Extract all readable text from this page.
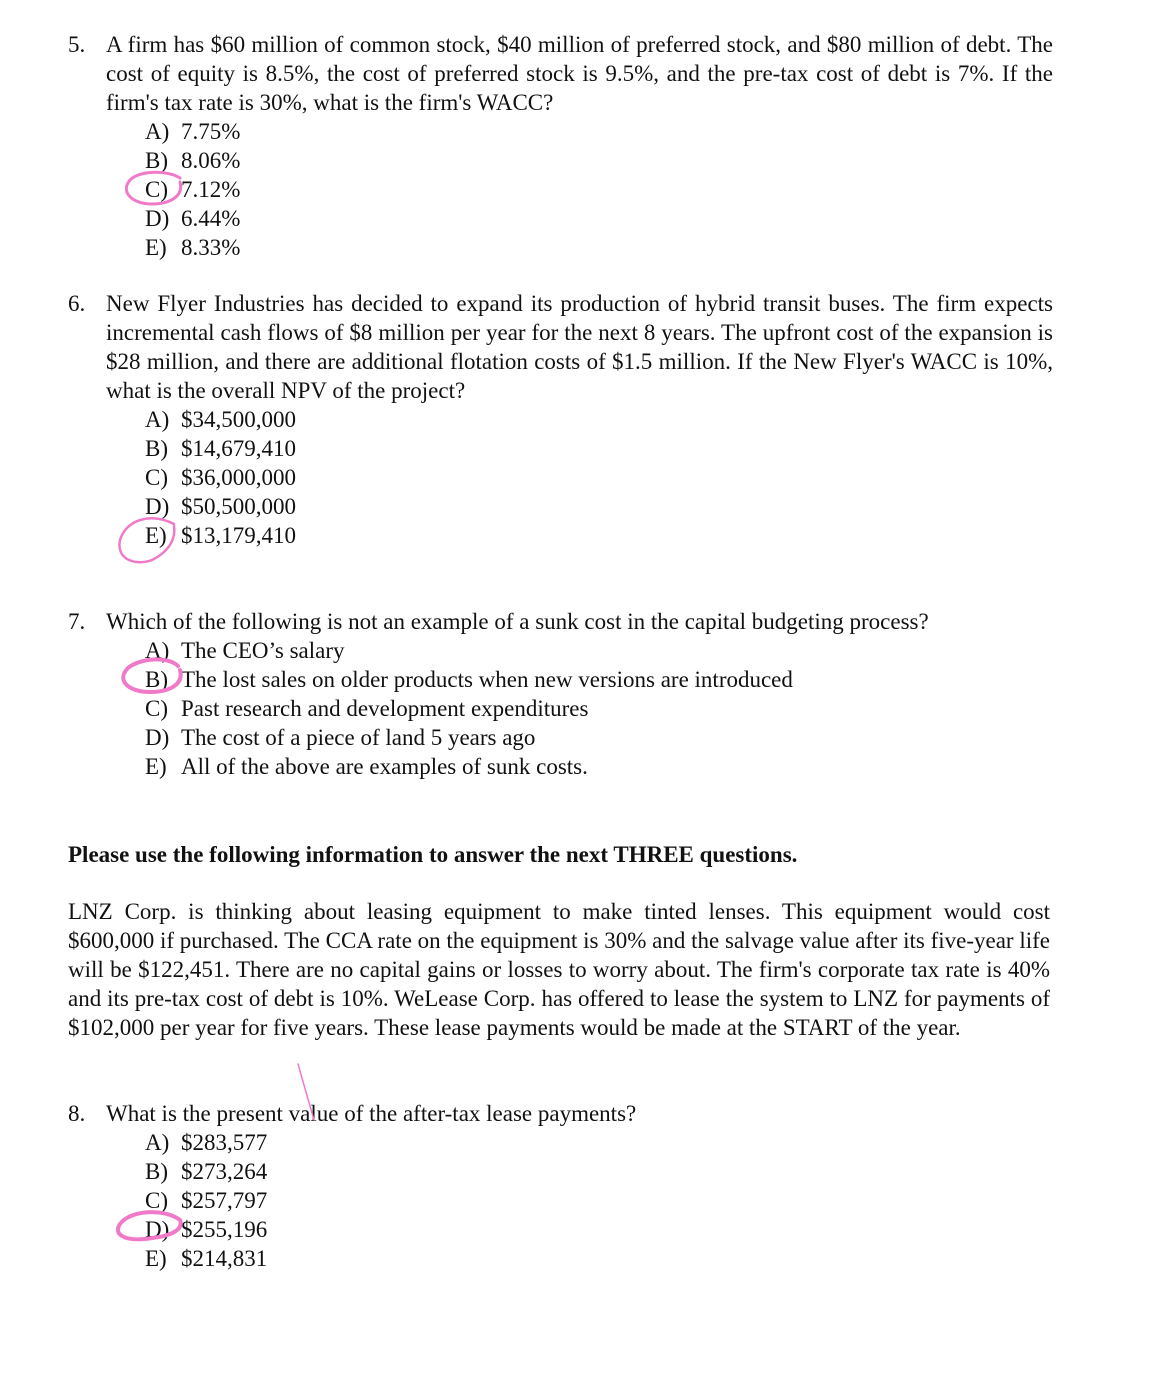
5. A firm has $60 million of common stock, $40 million of preferred stock, and $80 million of debt. The cost of equity is 8.5%, the cost of preferred stock is 9.5%, and the pre-tax cost of debt is 7%. If the firm's tax rate is 30%, what is the firm's WACC?
A) 7.75%
B) 8.06%
C) 7.12%
D) 6.44%
E) 8.33%
6. New Flyer Industries has decided to expand its production of hybrid transit buses. The firm expects incremental cash flows of $8 million per year for the next 8 years. The upfront cost of the expansion is $28 million, and there are additional flotation costs of $1.5 million. If the New Flyer's WACC is 10%, what is the overall NPV of the project?
A) $34,500,000
B) $14,679,410
C) $36,000,000
D) $50,500,000
E) $13,179,410
7. Which of the following is not an example of a sunk cost in the capital budgeting process?
A) The CEO’s salary
B) The lost sales on older products when new versions are introduced
C) Past research and development expenditures
D) The cost of a piece of land 5 years ago
E) All of the above are examples of sunk costs.
Please use the following information to answer the next THREE questions.
LNZ Corp. is thinking about leasing equipment to make tinted lenses. This equipment would cost $600,000 if purchased. The CCA rate on the equipment is 30% and the salvage value after its five-year life will be $122,451. There are no capital gains or losses to worry about. The firm's corporate tax rate is 40% and its pre-tax cost of debt is 10%. WeLease Corp. has offered to lease the system to LNZ for payments of $102,000 per year for five years. These lease payments would be made at the START of the year.
8. What is the present value of the after-tax lease payments?
A) $283,577
B) $273,264
C) $257,797
D) $255,196
E) $214,831
